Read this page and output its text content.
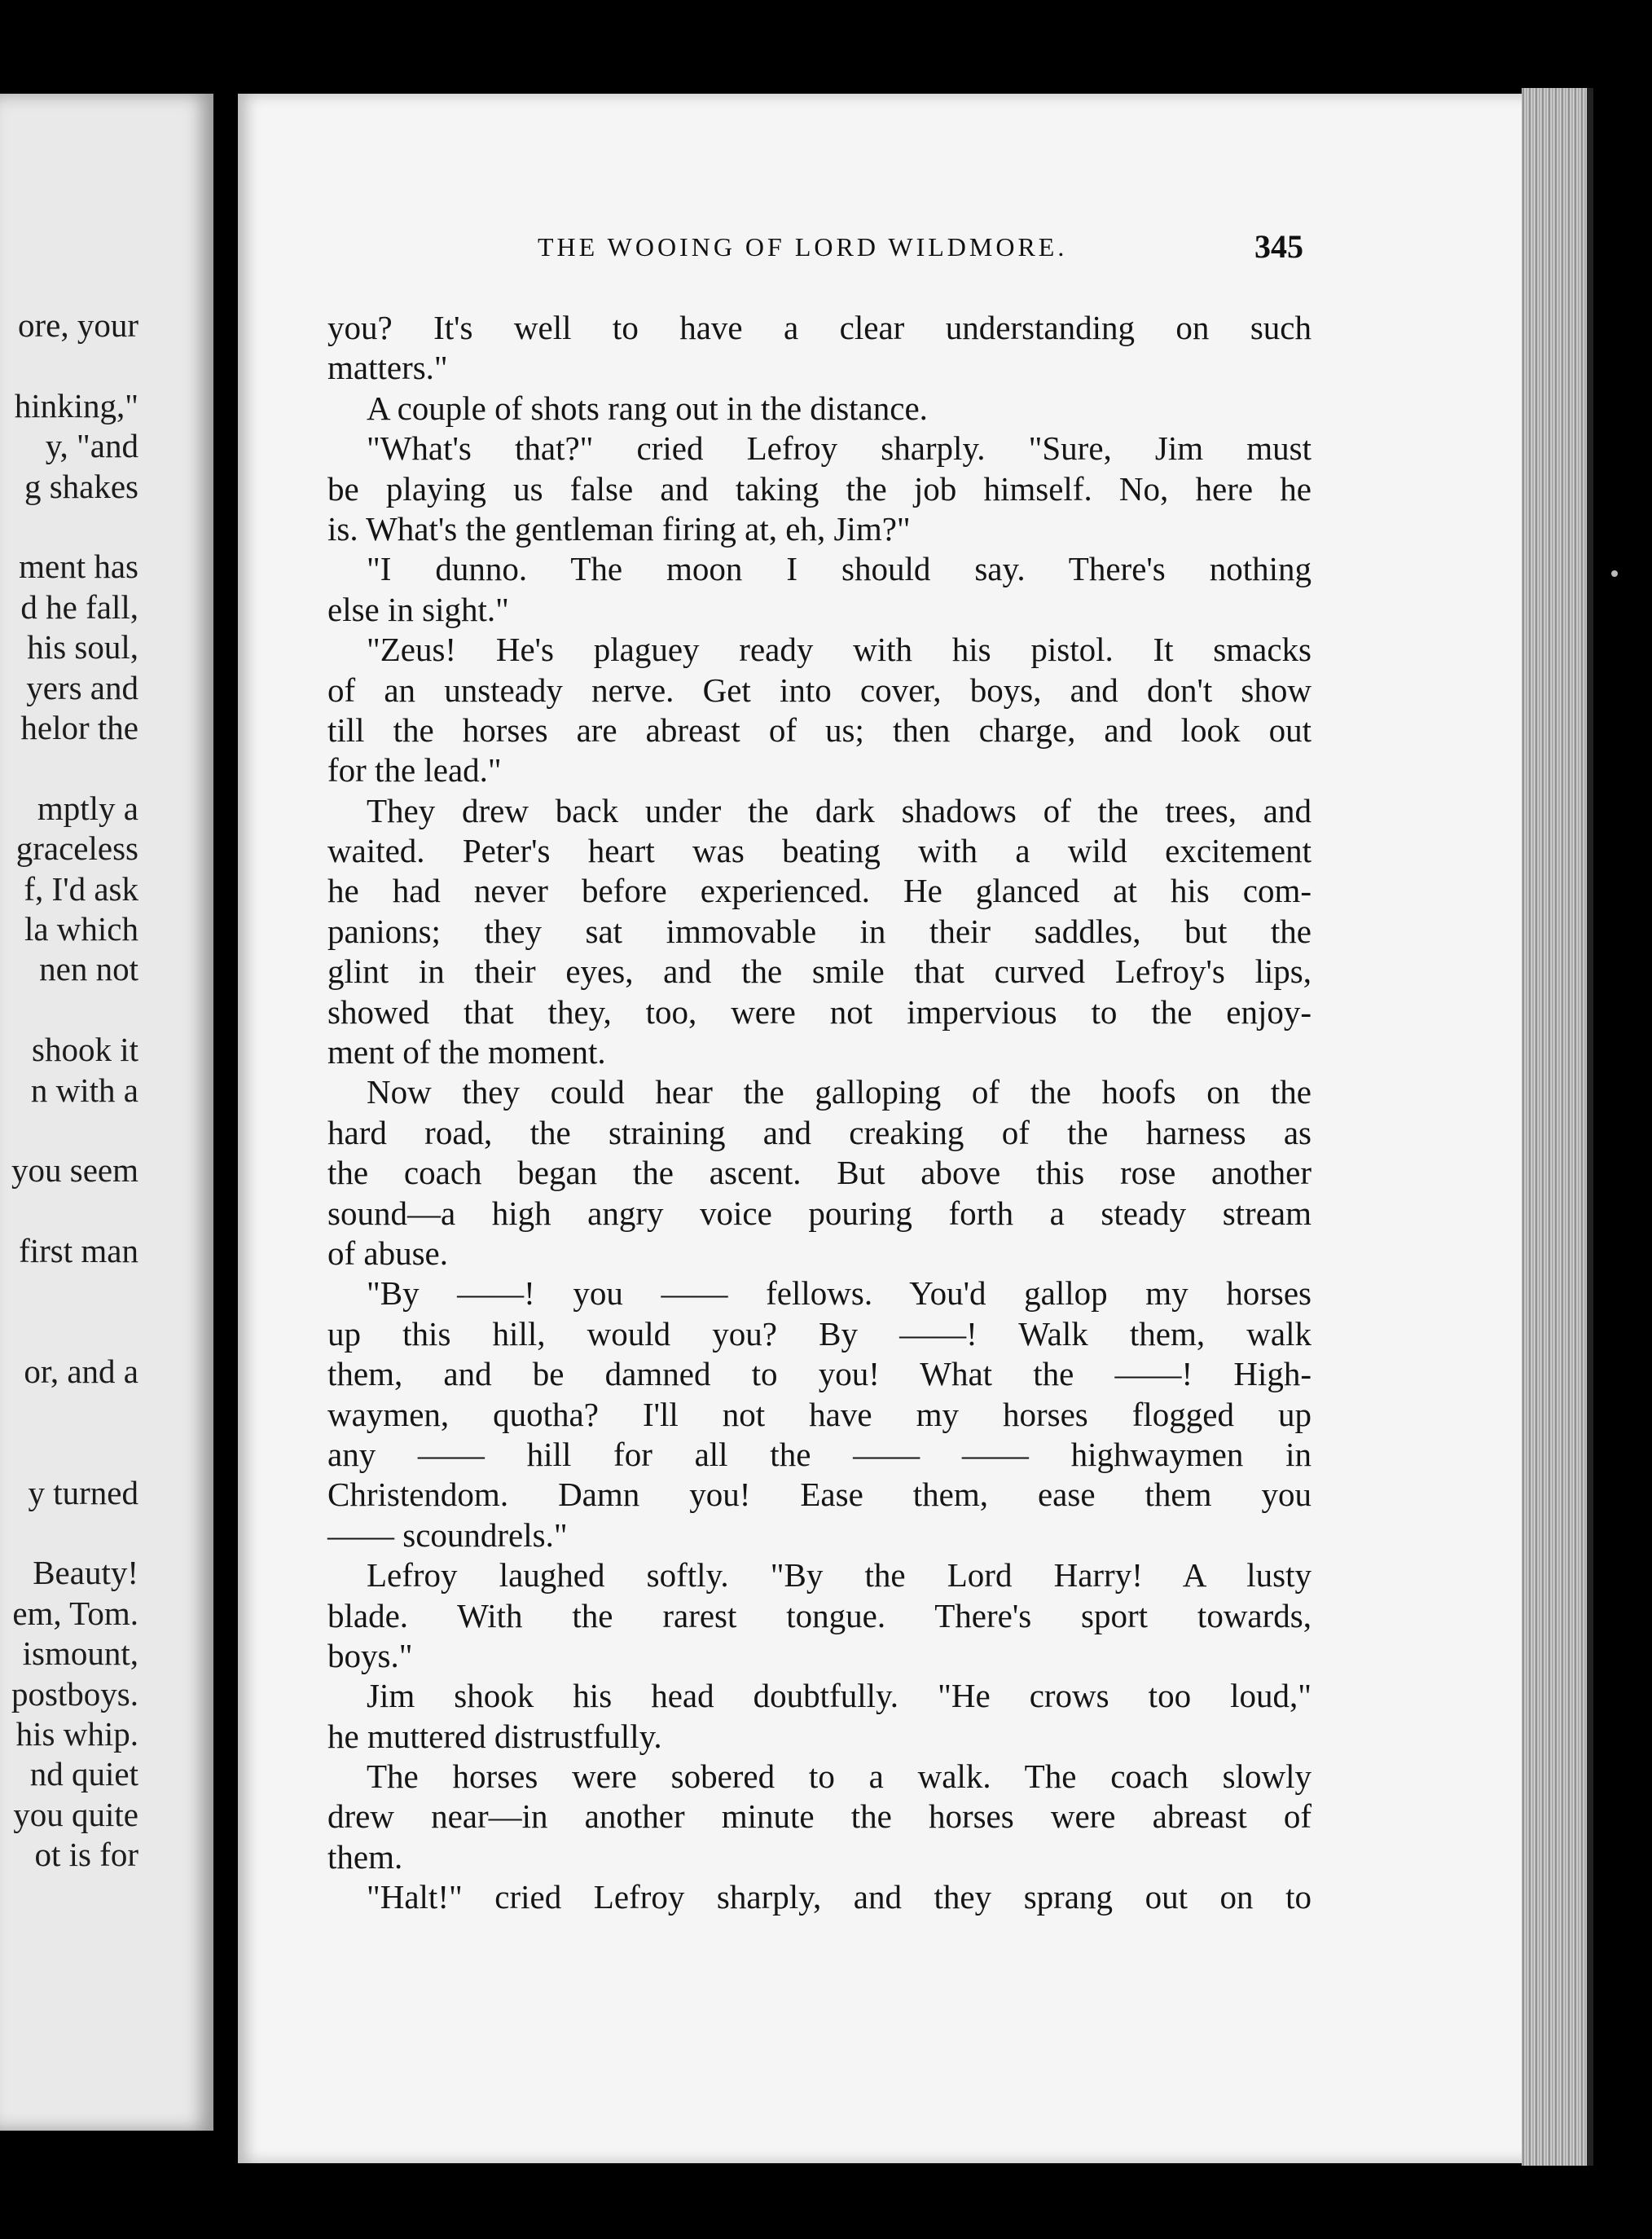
ore, your
hinking,"
y, "and
g shakes
ment has
d he fall,
his soul,
yers and
helor the
mptly a
graceless
f, I'd ask
la which
nen not
shook it
n with a
you seem
first man
or, and a
y turned
Beauty!
em, Tom.
ismount,
postboys.
his whip.
nd quiet
you quite
ot is for
THE WOOING OF LORD WILDMORE.	345
you? It's well to have a clear understanding on such
matters."
A couple of shots rang out in the distance.
"What's that?" cried Lefroy sharply. "Sure, Jim must
be playing us false and taking the job himself. No, here he
is. What's the gentleman firing at, eh, Jim?"
"I dunno. The moon I should say. There's nothing
else in sight."
"Zeus! He's plaguey ready with his pistol. It smacks
of an unsteady nerve. Get into cover, boys, and don't show
till the horses are abreast of us; then charge, and look out
for the lead."
They drew back under the dark shadows of the trees, and
waited. Peter's heart was beating with a wild excitement
he had never before experienced. He glanced at his com-
panions; they sat immovable in their saddles, but the
glint in their eyes, and the smile that curved Lefroy's lips,
showed that they, too, were not impervious to the enjoy-
ment of the moment.
Now they could hear the galloping of the hoofs on the
hard road, the straining and creaking of the harness as
the coach began the ascent. But above this rose another
sound—a high angry voice pouring forth a steady stream
of abuse.
"By ——! you —— fellows. You'd gallop my horses
up this hill, would you? By ——! Walk them, walk
them, and be damned to you! What the ——! High-
waymen, quotha? I'll not have my horses flogged up
any —— hill for all the —— —— highwaymen in
Christendom. Damn you! Ease them, ease them you
—— scoundrels."
Lefroy laughed softly. "By the Lord Harry! A lusty
blade. With the rarest tongue. There's sport towards,
boys."
Jim shook his head doubtfully. "He crows too loud,"
he muttered distrustfully.
The horses were sobered to a walk. The coach slowly
drew near—in another minute the horses were abreast of
them.
"Halt!" cried Lefroy sharply, and they sprang out on to
